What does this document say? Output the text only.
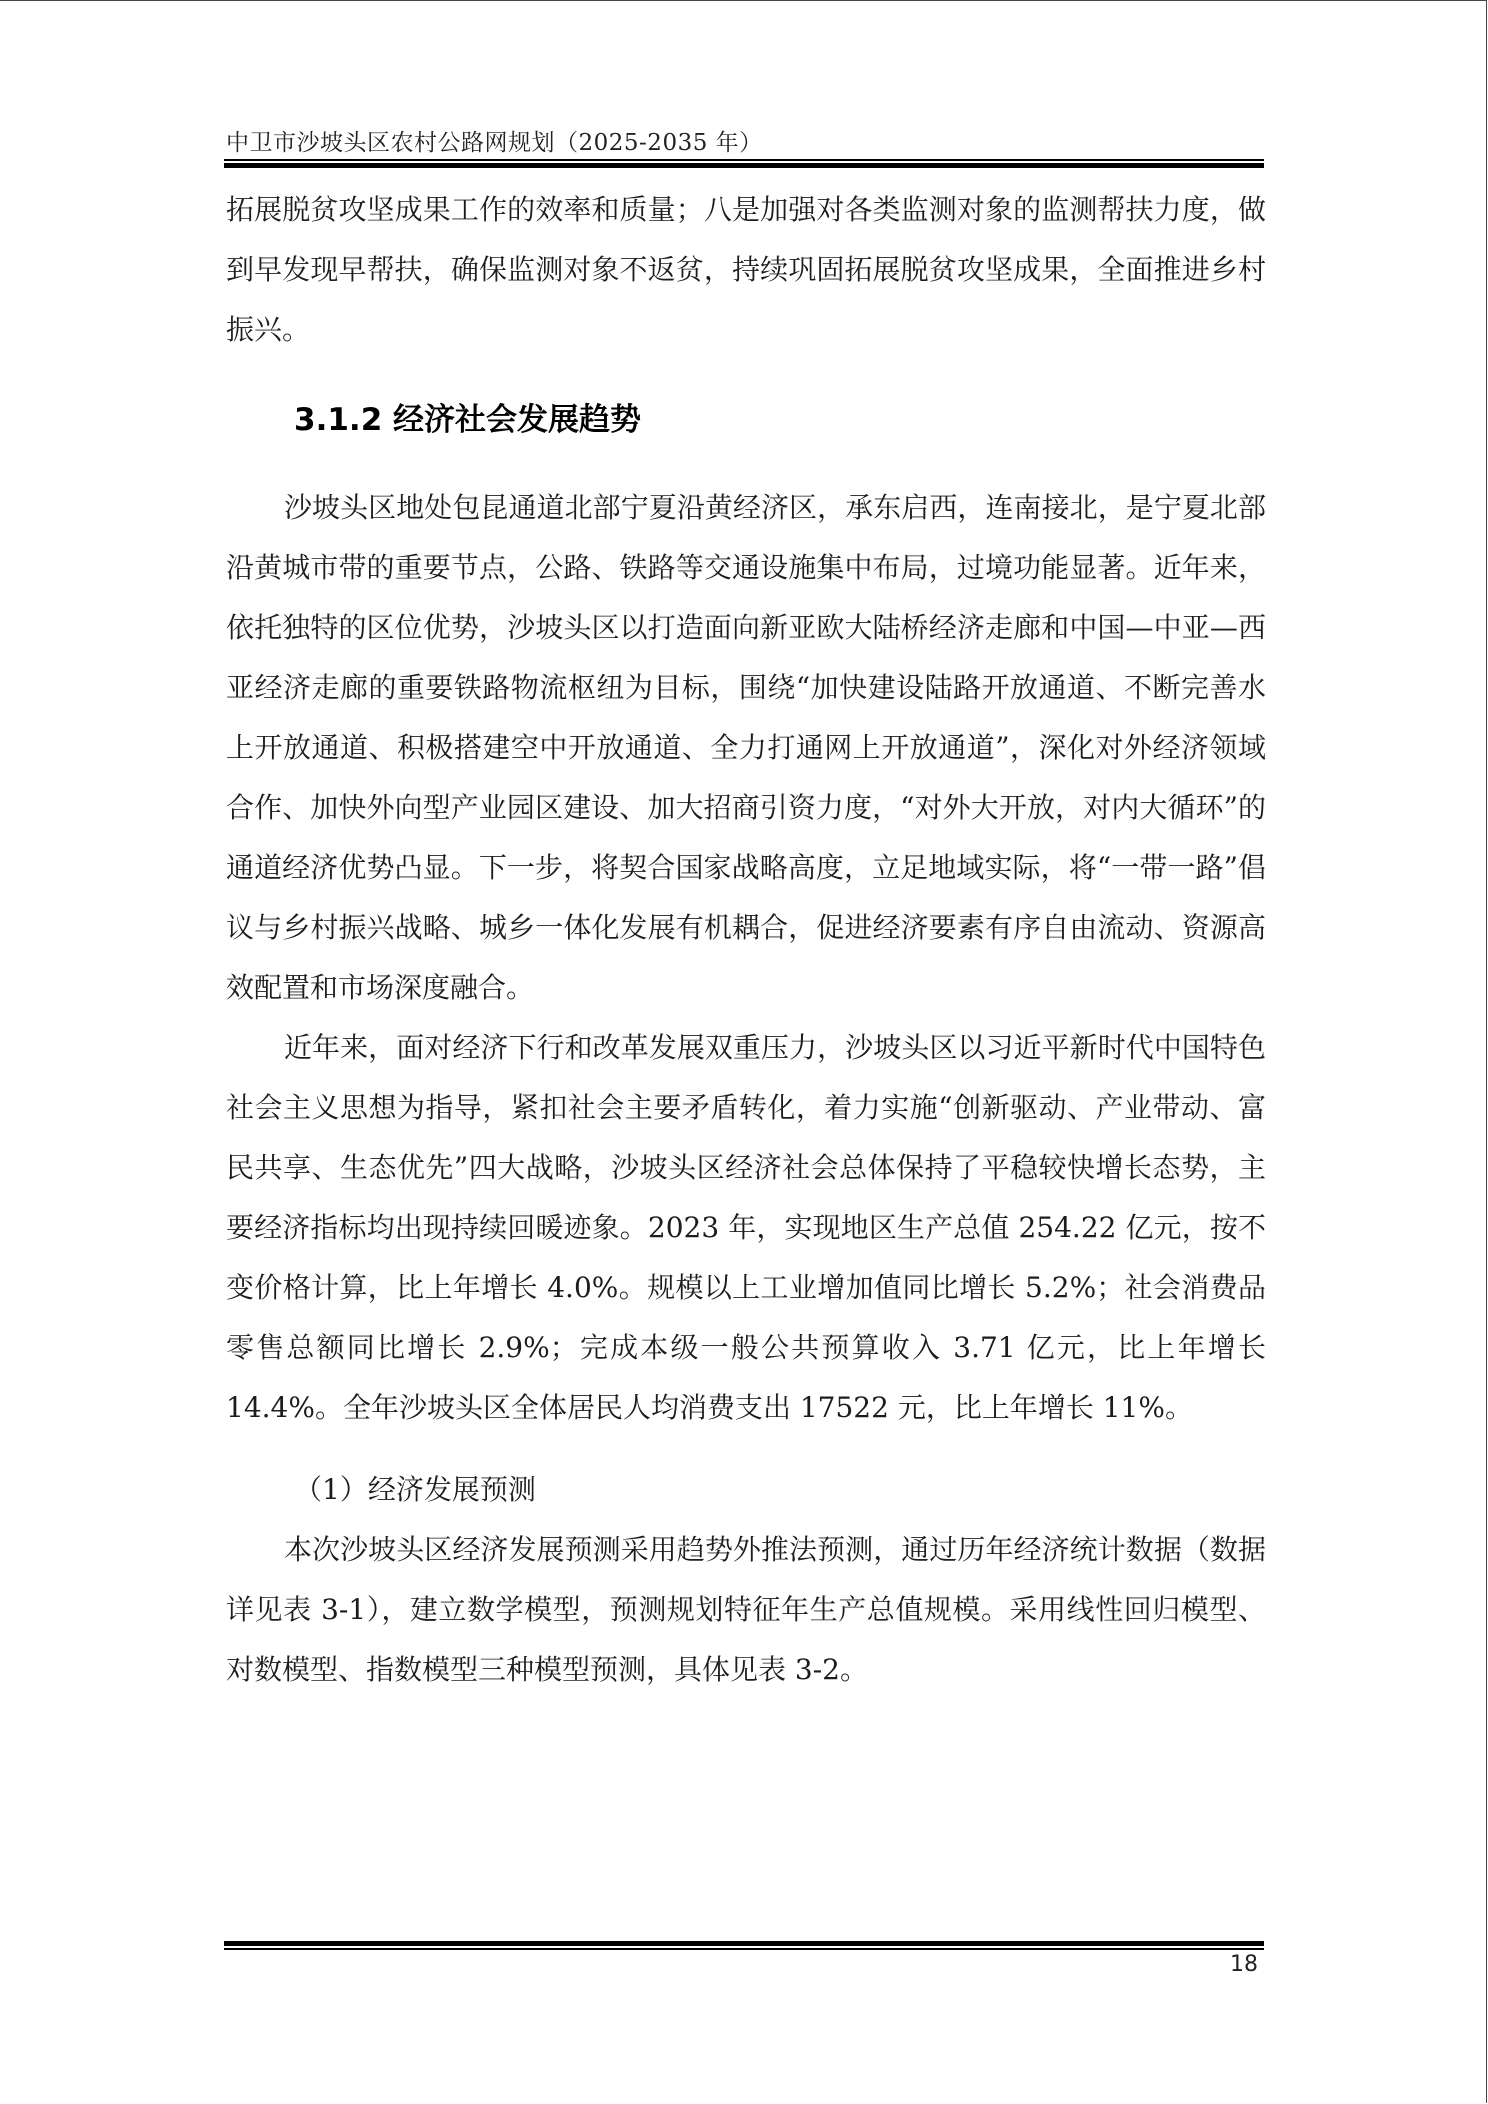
中卫市沙坡头区农村公路网规划（2025-2035 年）

拓展脱贫攻坚成果工作的效率和质量；八是加强对各类监测对象的监测帮扶力度，做到早发现早帮扶，确保监测对象不返贫，持续巩固拓展脱贫攻坚成果，全面推进乡村振兴。

3.1.2 经济社会发展趋势

沙坡头区地处包昆通道北部宁夏沿黄经济区，承东启西，连南接北，是宁夏北部沿黄城市带的重要节点，公路、铁路等交通设施集中布局，过境功能显著。近年来，依托独特的区位优势，沙坡头区以打造面向新亚欧大陆桥经济走廊和中国—中亚—西亚经济走廊的重要铁路物流枢纽为目标，围绕“加快建设陆路开放通道、不断完善水上开放通道、积极搭建空中开放通道、全力打通网上开放通道”，深化对外经济领域合作、加快外向型产业园区建设、加大招商引资力度，“对外大开放，对内大循环”的通道经济优势凸显。下一步，将契合国家战略高度，立足地域实际，将“一带一路”倡议与乡村振兴战略、城乡一体化发展有机耦合，促进经济要素有序自由流动、资源高效配置和市场深度融合。

近年来，面对经济下行和改革发展双重压力，沙坡头区以习近平新时代中国特色社会主义思想为指导，紧扣社会主要矛盾转化，着力实施“创新驱动、产业带动、富民共享、生态优先”四大战略，沙坡头区经济社会总体保持了平稳较快增长态势，主要经济指标均出现持续回暖迹象。2023 年，实现地区生产总值 254.22 亿元，按不变价格计算，比上年增长 4.0%。规模以上工业增加值同比增长 5.2%；社会消费品零售总额同比增长 2.9%；完成本级一般公共预算收入 3.71 亿元，比上年增长 14.4%。全年沙坡头区全体居民人均消费支出 17522 元，比上年增长 11%。

（1）经济发展预测

本次沙坡头区经济发展预测采用趋势外推法预测，通过历年经济统计数据（数据详见表 3-1），建立数学模型，预测规划特征年生产总值规模。采用线性回归模型、对数模型、指数模型三种模型预测，具体见表 3-2。

18
